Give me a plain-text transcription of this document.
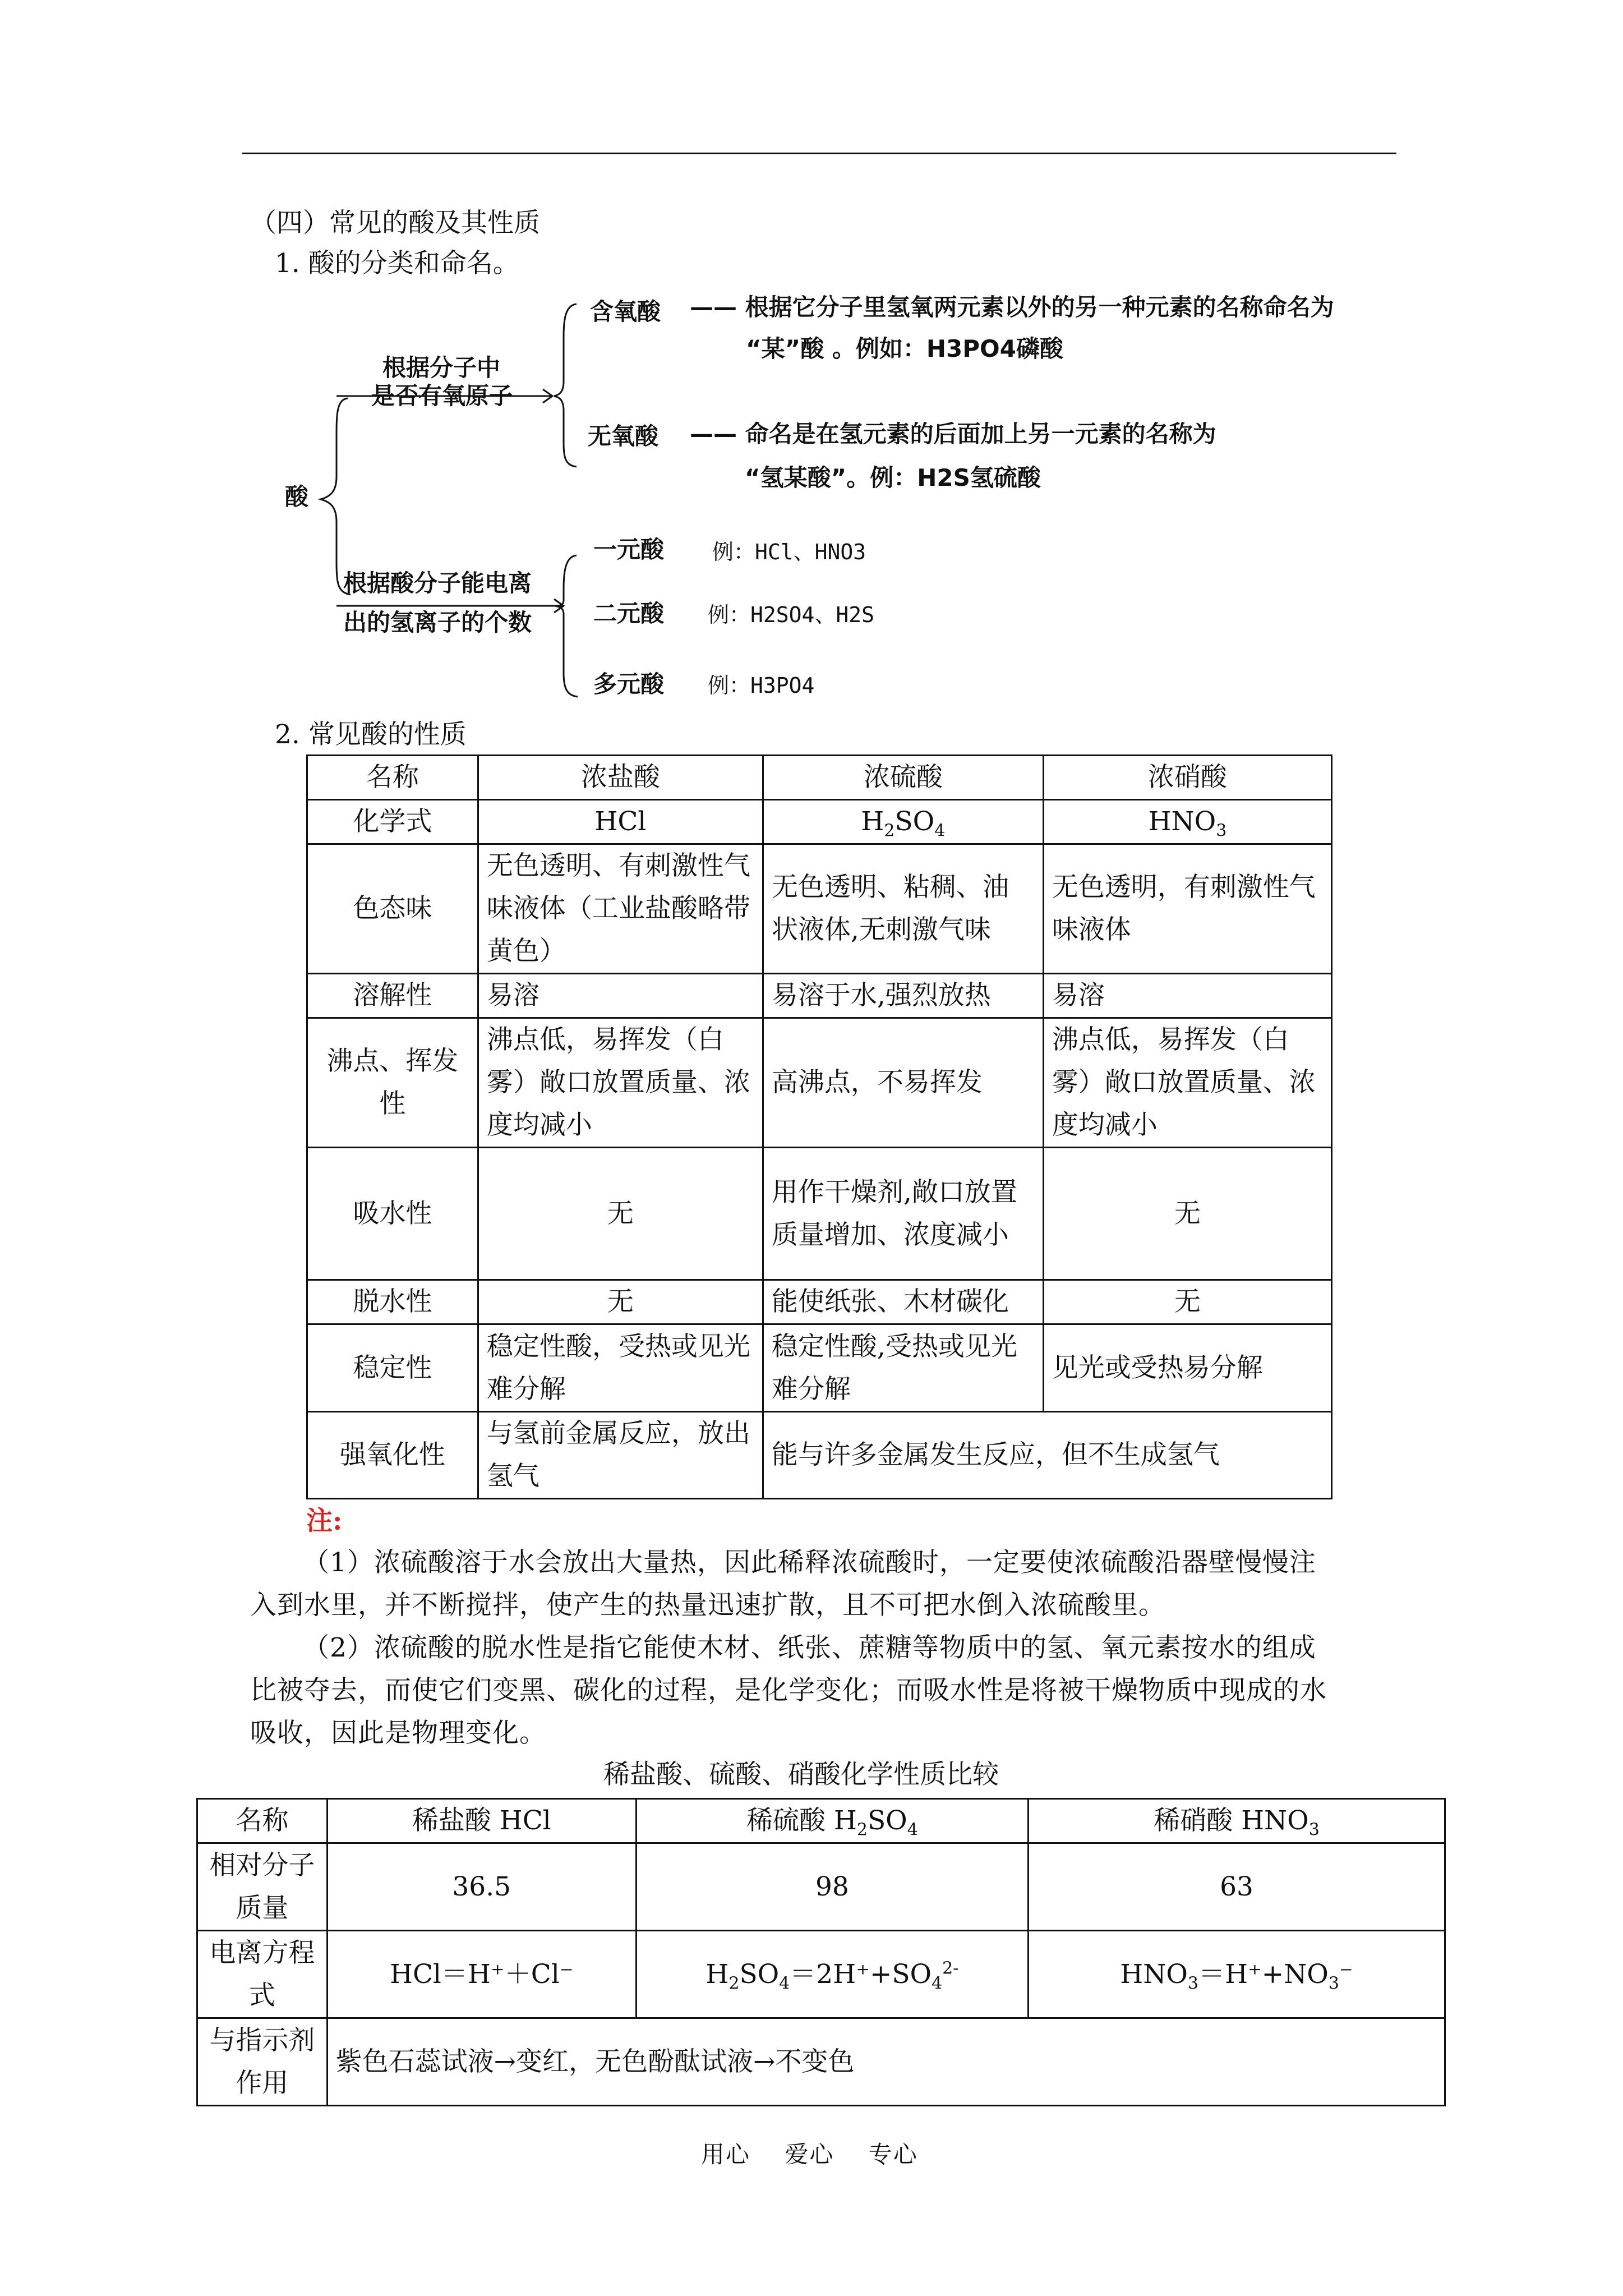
（四）常见的酸及其性质
1. 酸的分类和命名。
酸
根据分子中
是否有氧原子
根据酸分子能电离
出的氢离子的个数
含氧酸 —— 根据它分子里氢氧两元素以外的另一种元素的名称命名为
“某”酸 。例如：H3PO4磷酸
无氧酸 —— 命名是在氢元素的后面加上另一元素的名称为
“氢某酸”。例：H2S氢硫酸
一元酸 例：HCl、HNO3
二元酸 例：H2SO4、H2S
多元酸 例：H3PO4
2. 常见酸的性质
名称	浓盐酸	浓硫酸	浓硝酸
化学式	HCl	$H_2SO_4$	$HNO_3$
色态味	无色透明、有刺激性气味液体（工业盐酸略带黄色）	无色透明、粘稠、油状液体,无刺激气味	无色透明，有刺激性气味液体
溶解性	易溶	易溶于水,强烈放热	易溶
沸点、挥发性	沸点低，易挥发（白雾）敞口放置质量、浓度均减小	高沸点，不易挥发	沸点低，易挥发（白雾）敞口放置质量、浓度均减小
吸水性	无	用作干燥剂,敞口放置质量增加、浓度减小	无
脱水性	无	能使纸张、木材碳化	无
稳定性	稳定性酸，受热或见光难分解	稳定性酸,受热或见光难分解	见光或受热易分解
强氧化性	与氢前金属反应，放出氢气	能与许多金属发生反应，但不生成氢气	
注:
（1）浓硫酸溶于水会放出大量热，因此稀释浓硫酸时，一定要使浓硫酸沿器壁慢慢注
入到水里，并不断搅拌，使产生的热量迅速扩散，且不可把水倒入浓硫酸里。
（2）浓硫酸的脱水性是指它能使木材、纸张、蔗糖等物质中的氢、氧元素按水的组成
比被夺去，而使它们变黑、碳化的过程，是化学变化；而吸水性是将被干燥物质中现成的水
吸收，因此是物理变化。
稀盐酸、硫酸、硝酸化学性质比较
名称	稀盐酸 HCl	稀硫酸 $H_2SO_4$	稀硝酸 $HNO_3$
相对分子质量	36.5	98	63
电离方程式	HCl＝H⁺＋Cl⁻	$H_2SO_4=2H^++SO_4^{2-}$	$HNO_3=H^++NO_3^-$
与指示剂作用	紫色石蕊试液→变红，无色酚酞试液→不变色		
用心    爱心    专心
